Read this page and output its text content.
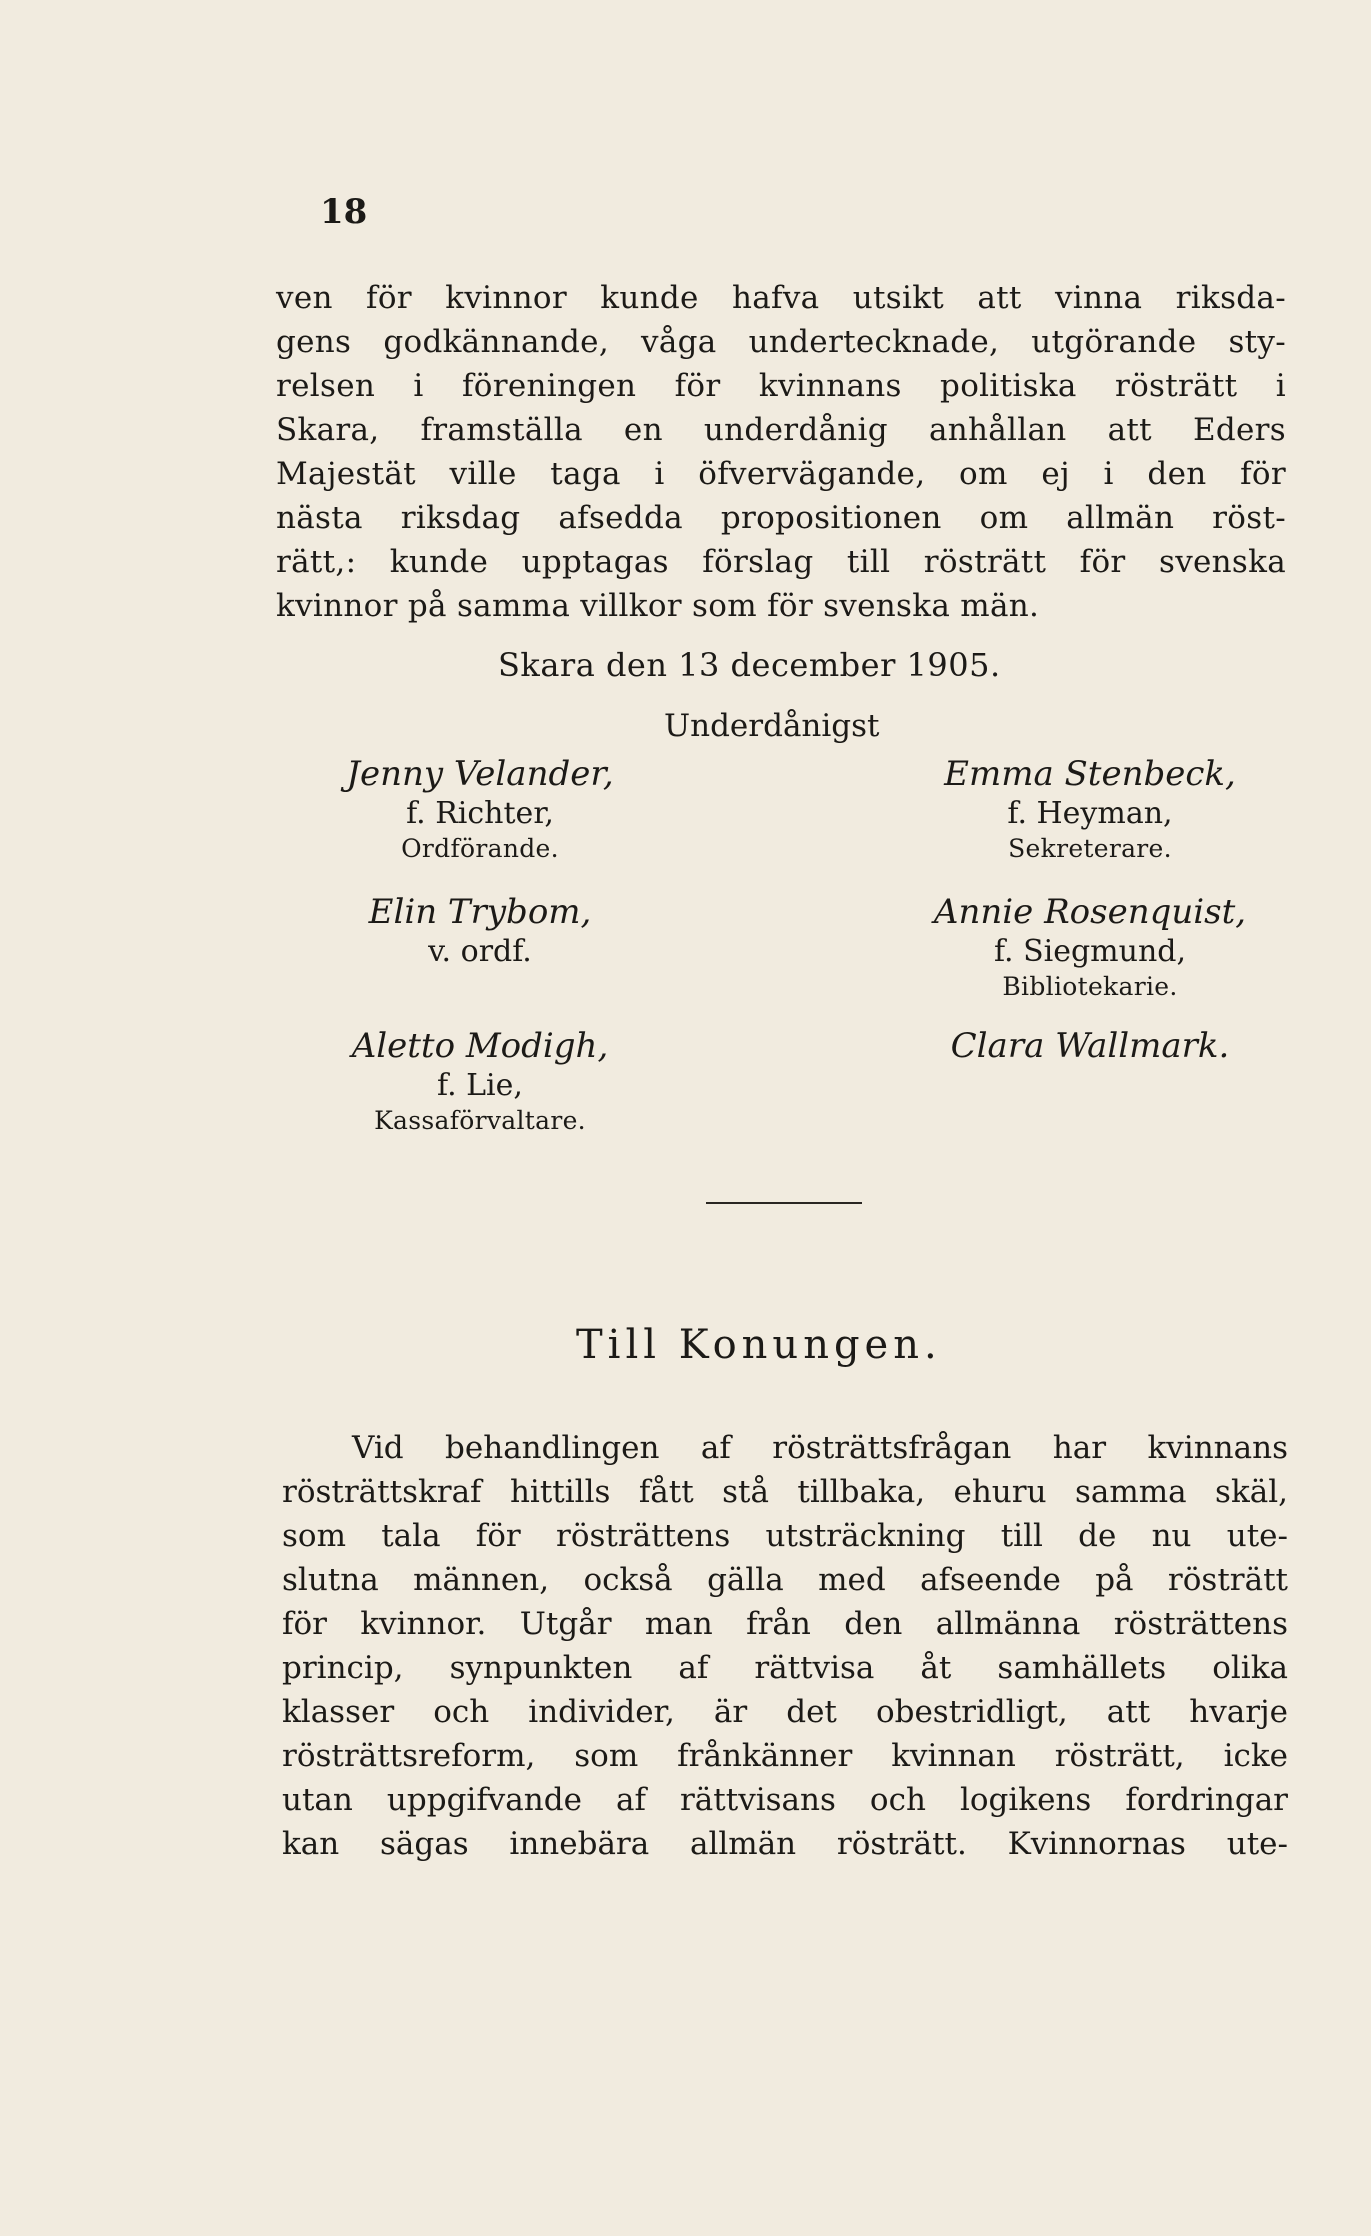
18
ven för kvinnor kunde hafva utsikt att vinna riksda-
gens godkännande, våga undertecknade, utgörande sty-
relsen i föreningen för kvinnans politiska rösträtt i
Skara, framställa en underdånig anhållan att Eders
Majestät ville taga i öfvervägande, om ej i den för
nästa riksdag afsedda propositionen om allmän röst-
rätt,: kunde upptagas förslag till rösträtt för svenska
kvinnor på samma villkor som för svenska män.
Skara den 13 december 1905.
Underdånigst
Jenny Velander,
f. Richter,
Ordförande.
Elin Trybom,
v. ordf.
Aletto Modigh,
f. Lie,
Kassaförvaltare.
Emma Stenbeck,
f. Heyman,
Sekreterare.
Annie Rosenquist,
f. Siegmund,
Bibliotekarie.
Clara Wallmark.
Till Konungen.
Vid behandlingen af rösträttsfrågan har kvinnans
rösträttskraf hittills fått stå tillbaka, ehuru samma skäl,
som tala för rösträttens utsträckning till de nu ute-
slutna männen, också gälla med afseende på rösträtt
för kvinnor. Utgår man från den allmänna rösträttens
princip, synpunkten af rättvisa åt samhällets olika
klasser och individer, är det obestridligt, att hvarje
rösträttsreform, som frånkänner kvinnan rösträtt, icke
utan uppgifvande af rättvisans och logikens fordringar
kan sägas innebära allmän rösträtt. Kvinnornas ute-
